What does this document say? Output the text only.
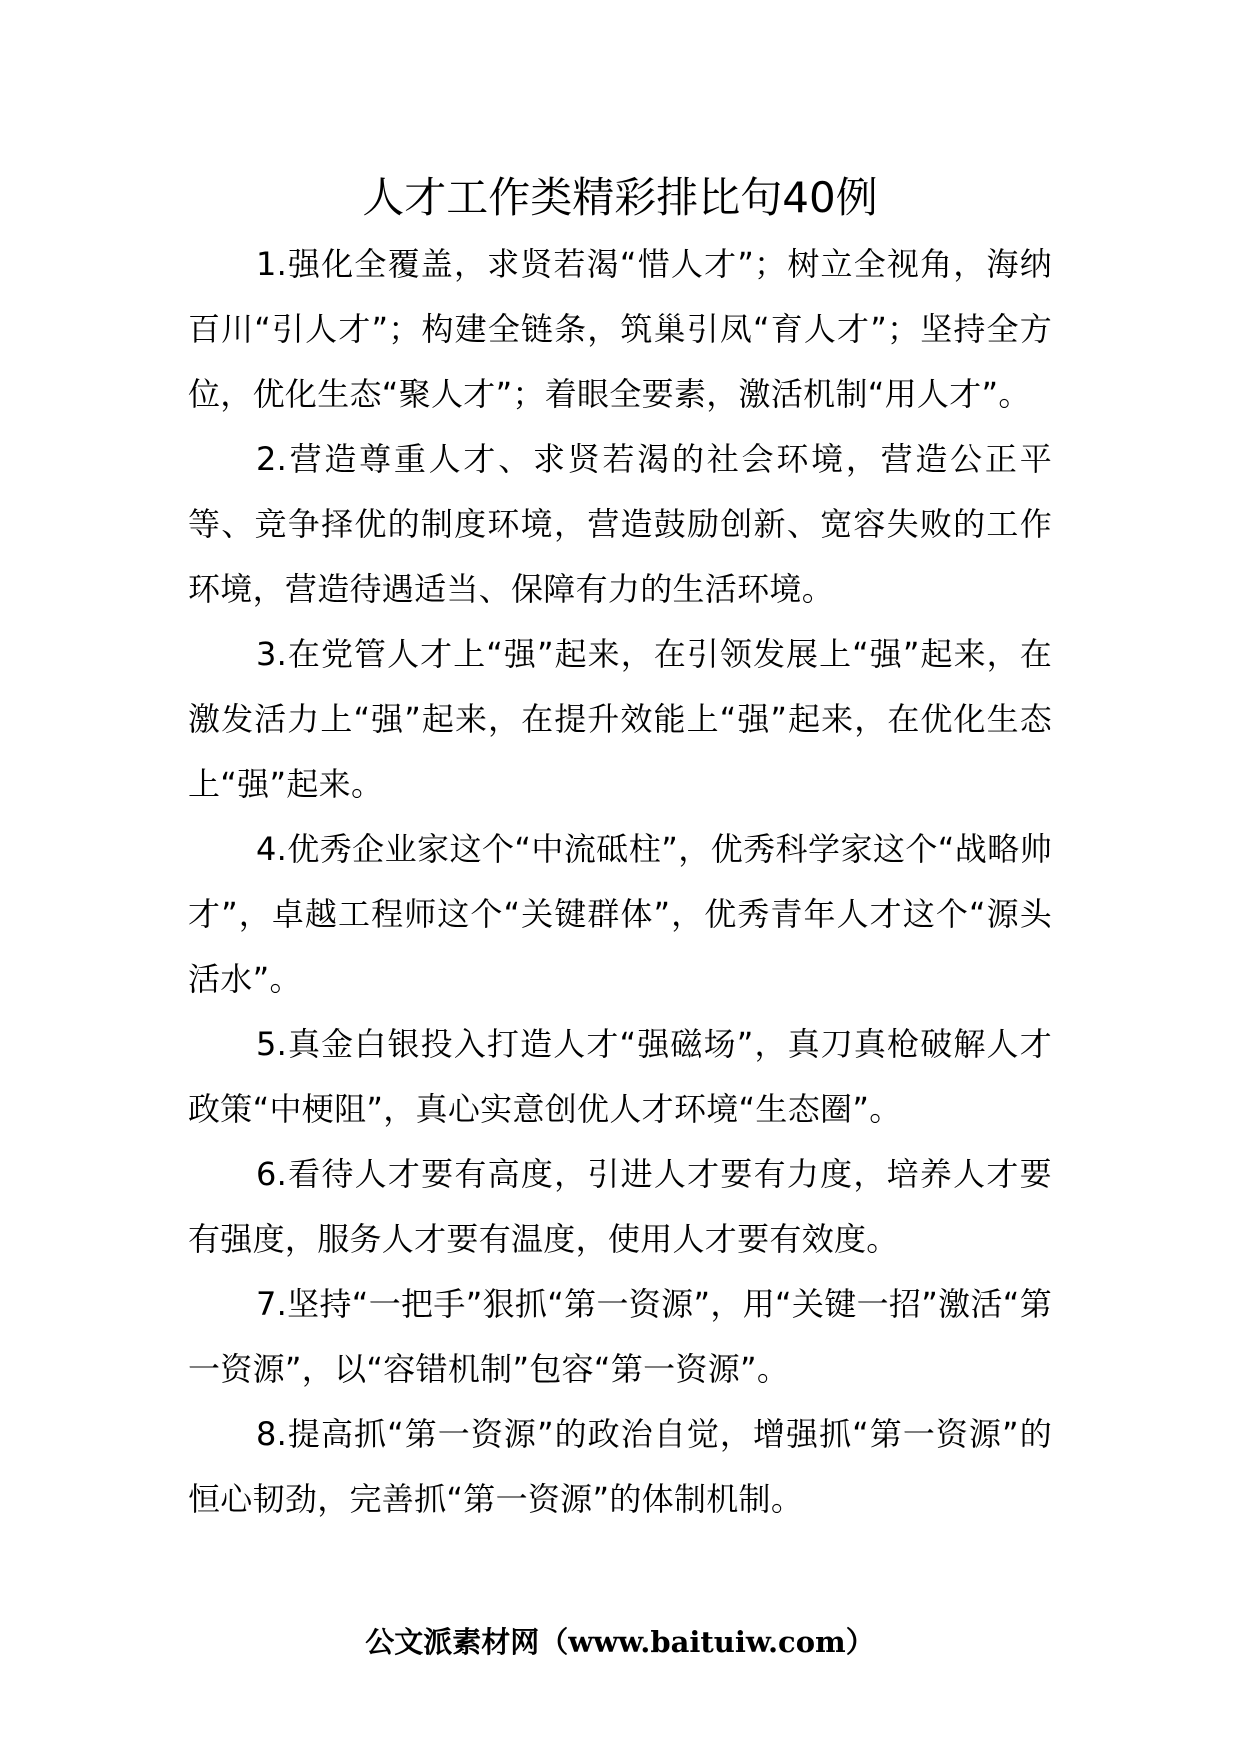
人才工作类精彩排比句40例

1.强化全覆盖，求贤若渴“惜人才”；树立全视角，海纳百川“引人才”；构建全链条，筑巢引凤“育人才”；坚持全方位，优化生态“聚人才”；着眼全要素，激活机制“用人才”。

2.营造尊重人才、求贤若渴的社会环境，营造公正平等、竞争择优的制度环境，营造鼓励创新、宽容失败的工作环境，营造待遇适当、保障有力的生活环境。

3.在党管人才上“强”起来，在引领发展上“强”起来，在激发活力上“强”起来，在提升效能上“强”起来，在优化生态上“强”起来。

4.优秀企业家这个“中流砥柱”，优秀科学家这个“战略帅才”，卓越工程师这个“关键群体”，优秀青年人才这个“源头活水”。

5.真金白银投入打造人才“强磁场”，真刀真枪破解人才政策“中梗阻”，真心实意创优人才环境“生态圈”。

6.看待人才要有高度，引进人才要有力度，培养人才要有强度，服务人才要有温度，使用人才要有效度。

7.坚持“一把手”狠抓“第一资源”，用“关键一招”激活“第一资源”，以“容错机制”包容“第一资源”。

8.提高抓“第一资源”的政治自觉，增强抓“第一资源”的恒心韧劲，完善抓“第一资源”的体制机制。

公文派素材网（www.baituiw.com）
